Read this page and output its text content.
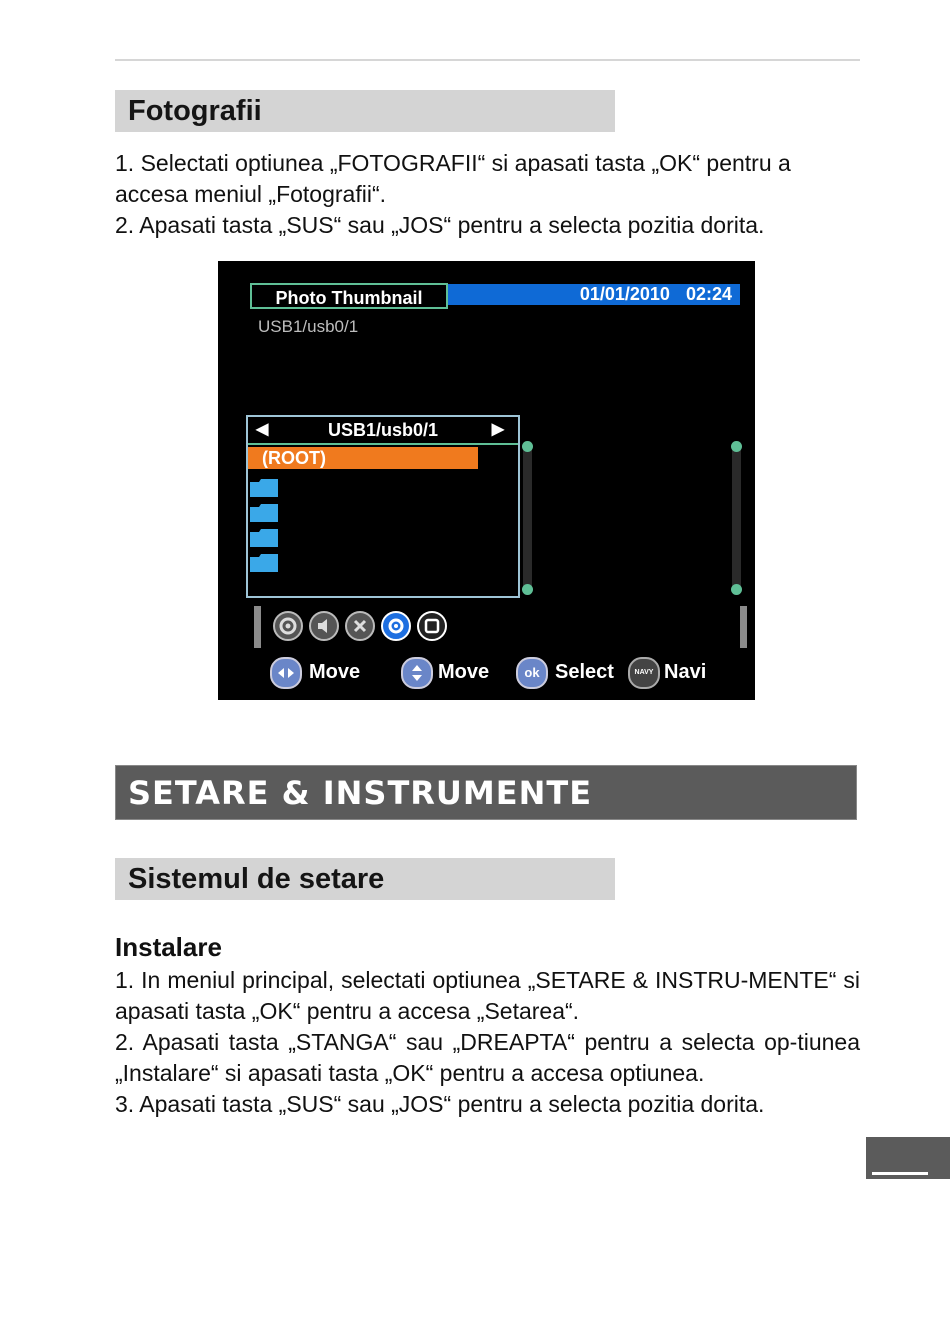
Fotografii

1. Selectati optiunea „FOTOGRAFII“ si apasati tasta „OK“ pentru a accesa meniul „Fotografii“.

2. Apasati tasta „SUS“ sau „JOS“ pentru a selecta pozitia dorita.

Photo Thumbnail	01/01/2010 02:24
USB1/usb0/1
◀	USB1/usb0/1	▶
(ROOT)
Move	Move	ok Select	NAVY Navi
SETARE & INSTRUMENTE
Sistemul de setare
Instalare

1. In meniul principal, selectati optiunea „SETARE & INSTRU-MENTE“ si apasati tasta „OK“ pentru a accesa „Setarea“.

2. Apasati tasta „STANGA“ sau „DREAPTA“ pentru a selecta op-tiunea „Instalare“ si apasati tasta „OK“ pentru a accesa optiunea.

3. Apasati tasta „SUS“ sau „JOS“ pentru a selecta pozitia dorita.
